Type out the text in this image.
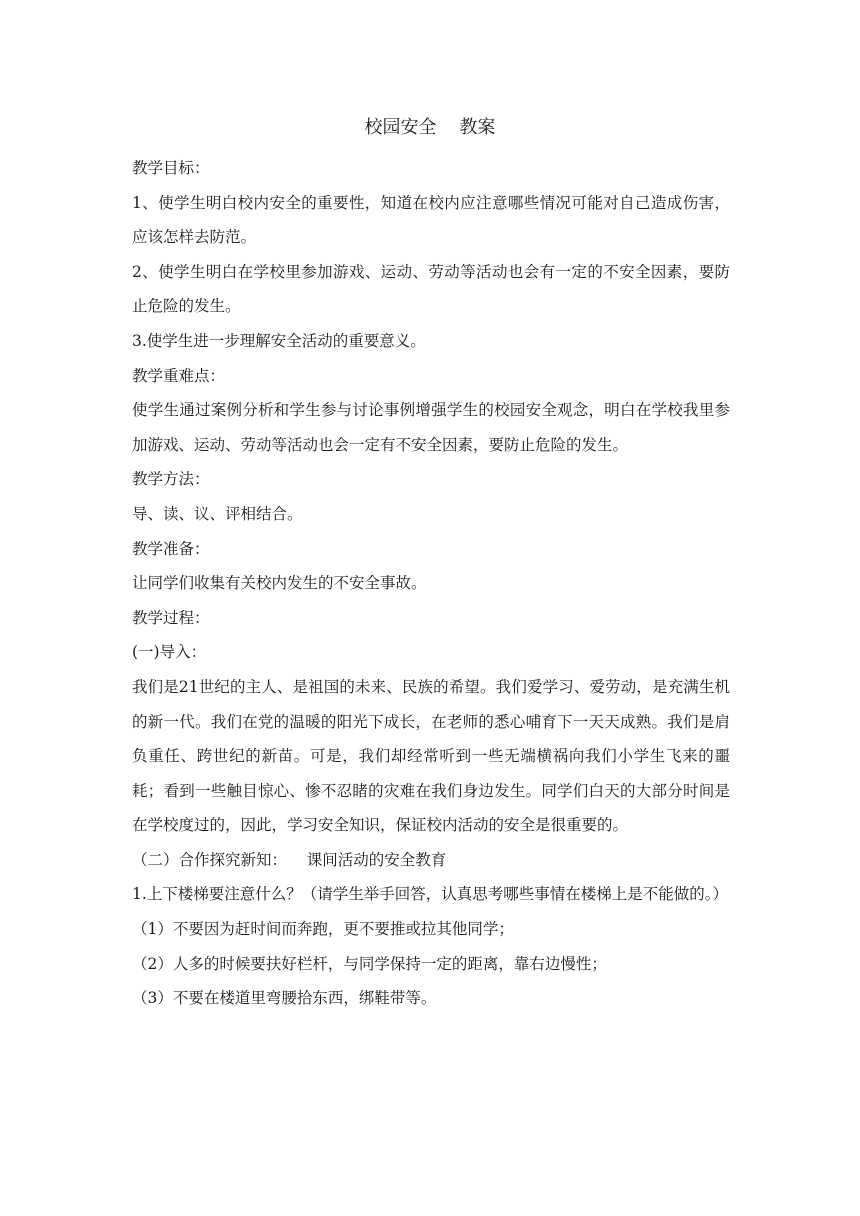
校园安全    教案

教学目标：

1、使学生明白校内安全的重要性，知道在校内应注意哪些情况可能对自己造成伤害，应该怎样去防范。

2、使学生明白在学校里参加游戏、运动、劳动等活动也会有一定的不安全因素，要防止危险的发生。

3.使学生进一步理解安全活动的重要意义。

教学重难点：

使学生通过案例分析和学生参与讨论事例增强学生的校园安全观念，明白在学校我里参加游戏、运动、劳动等活动也会一定有不安全因素，要防止危险的发生。

教学方法：

导、读、议、评相结合。

教学准备：

让同学们收集有关校内发生的不安全事故。

教学过程：

(一)导入：

我们是21世纪的主人、是祖国的未来、民族的希望。我们爱学习、爱劳动，是充满生机的新一代。我们在党的温暖的阳光下成长，在老师的悉心哺育下一天天成熟。我们是肩负重任、跨世纪的新苗。可是，我们却经常听到一些无端横祸向我们小学生飞来的噩耗；看到一些触目惊心、惨不忍睹的灾难在我们身边发生。同学们白天的大部分时间是在学校度过的，因此，学习安全知识，保证校内活动的安全是很重要的。

（二）合作探究新知：    课间活动的安全教育

1.上下楼梯要注意什么？（请学生举手回答，认真思考哪些事情在楼梯上是不能做的。）

（1）不要因为赶时间而奔跑，更不要推或拉其他同学；

（2）人多的时候要扶好栏杆，与同学保持一定的距离，靠右边慢性；

（3）不要在楼道里弯腰拾东西，绑鞋带等。
